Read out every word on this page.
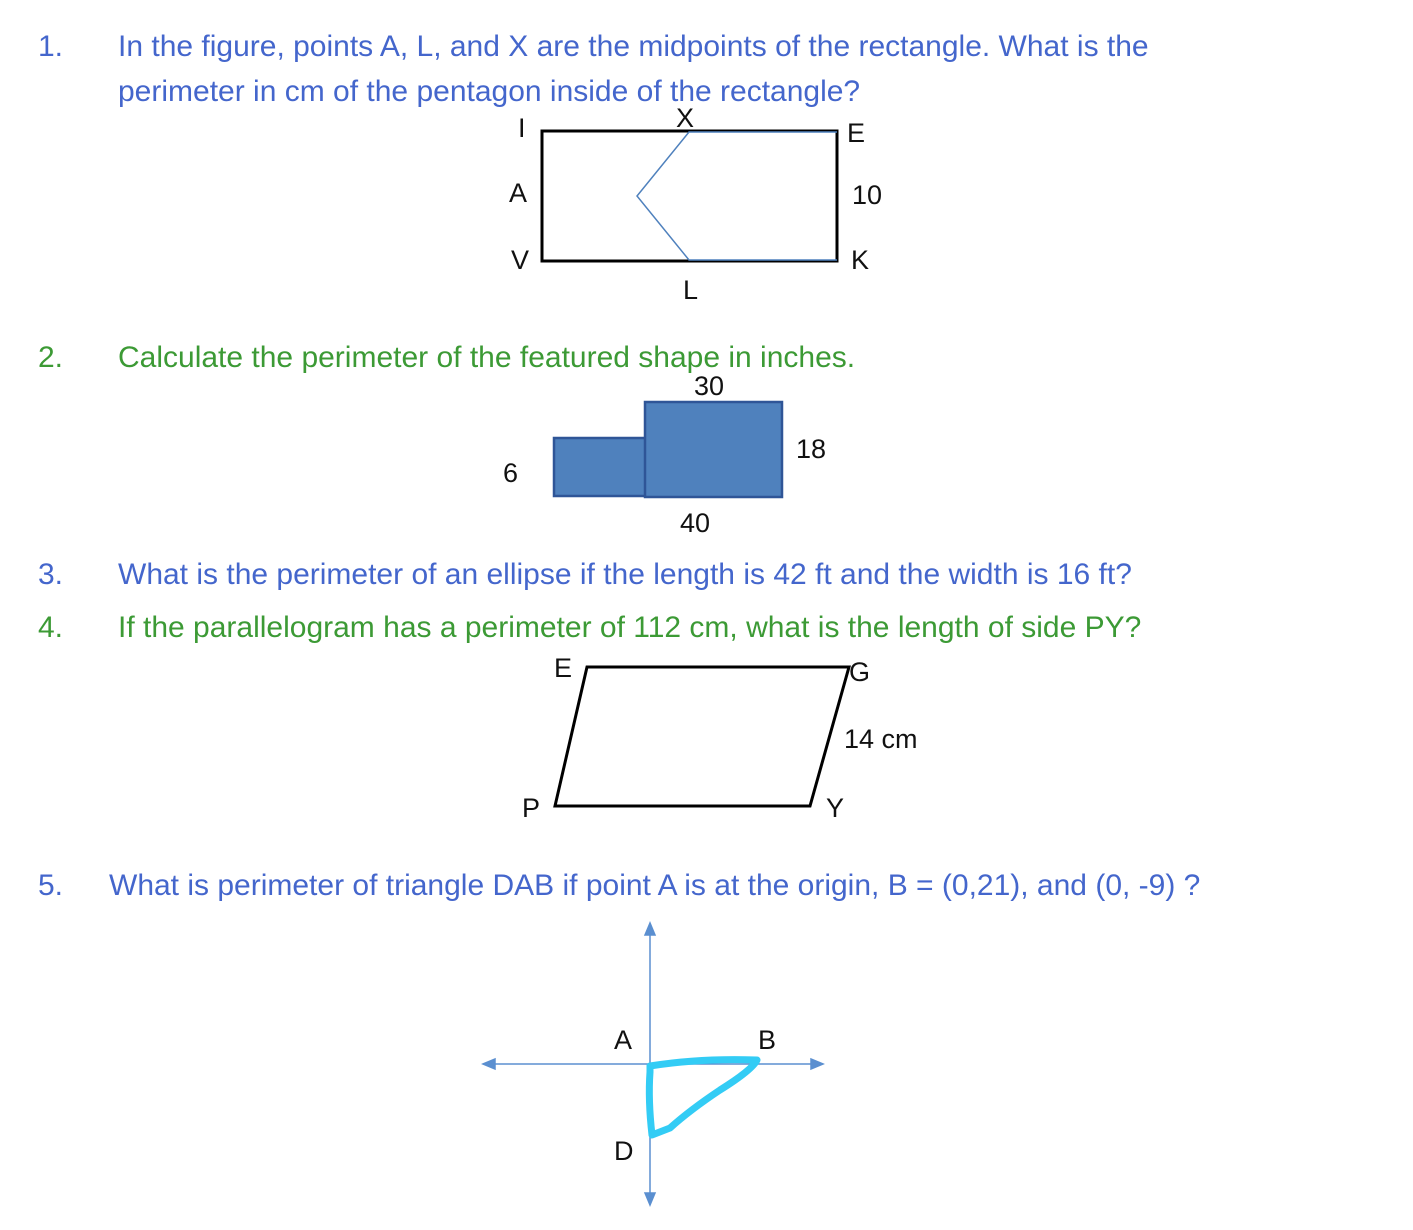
1. In the figure, points A, L, and X are the midpoints of the rectangle. What is the
perimeter in cm of the pentagon inside of the rectangle?
I	X	E
A	10
V	K
L
2. Calculate the perimeter of the featured shape in inches.
30
18
6
40
3. What is the perimeter of an ellipse if the length is 42 ft and the width is 16 ft?
4. If the parallelogram has a perimeter of 112 cm, what is the length of side PY?
E	G
14 cm
P	Y
5. What is perimeter of triangle DAB if point A is at the origin, B = (0,21), and (0, -9) ?
A	B
D
